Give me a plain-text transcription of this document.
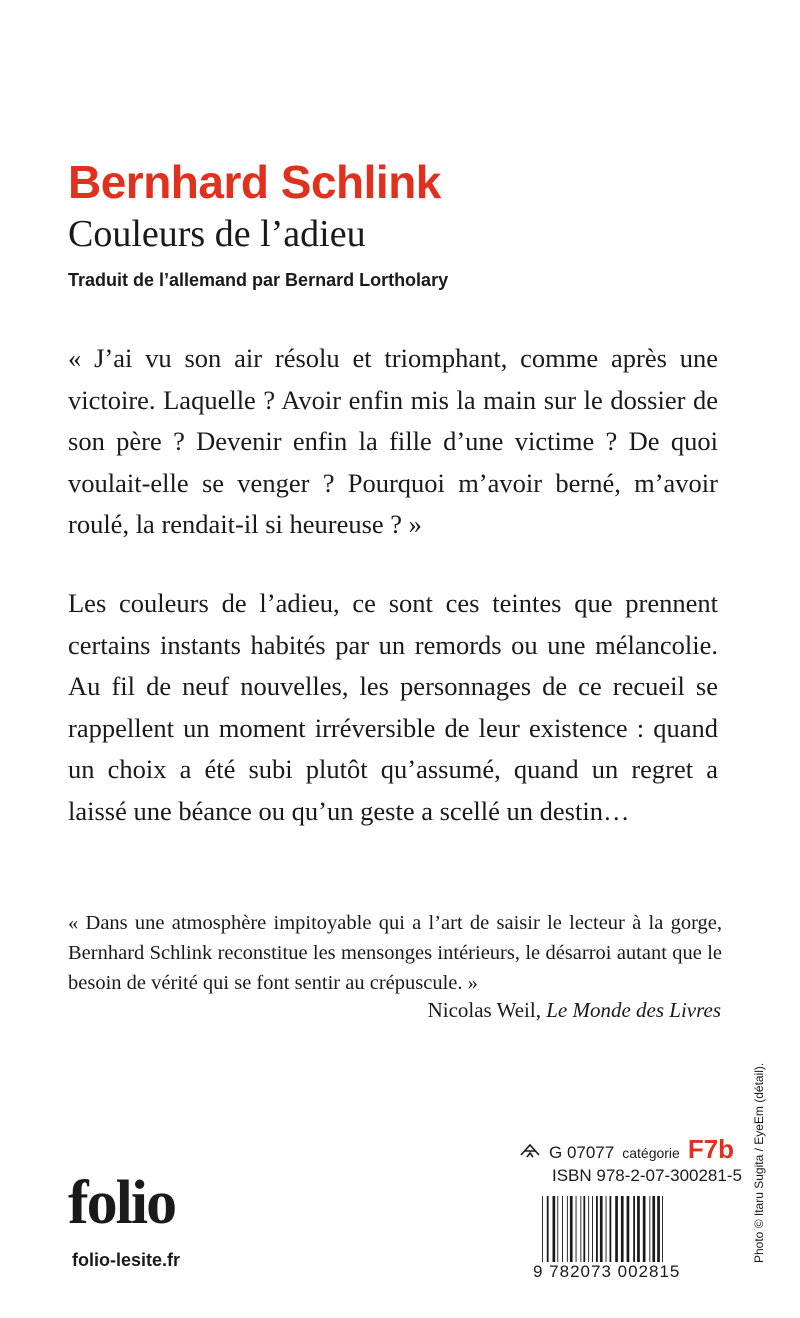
Bernhard Schlink
Couleurs de l’adieu
Traduit de l’allemand par Bernard Lortholary

« J’ai vu son air résolu et triomphant, comme après une victoire. Laquelle ? Avoir enfin mis la main sur le dossier de son père ? Devenir enfin la fille d’une victime ? De quoi voulait-elle se venger ? Pourquoi m’avoir berné, m’avoir roulé, la rendait-il si heureuse ? »

Les couleurs de l’adieu, ce sont ces teintes que prennent certains instants habités par un remords ou une mélancolie. Au fil de neuf nouvelles, les personnages de ce recueil se rappellent un moment irréversible de leur existence : quand un choix a été subi plutôt qu’assumé, quand un regret a laissé une béance ou qu’un geste a scellé un destin…

« Dans une atmosphère impitoyable qui a l’art de saisir le lecteur à la gorge, Bernhard Schlink reconstitue les mensonges intérieurs, le désarroi autant que le besoin de vérité qui se font sentir au crépuscule. »

Nicolas Weil, Le Monde des Livres
G 07077 catégorie F7b
ISBN 978-2-07-300281-5
9 782073 002815
folio
folio-lesite.fr	Photo © Itaru Sugita / EyeEm (détail).
